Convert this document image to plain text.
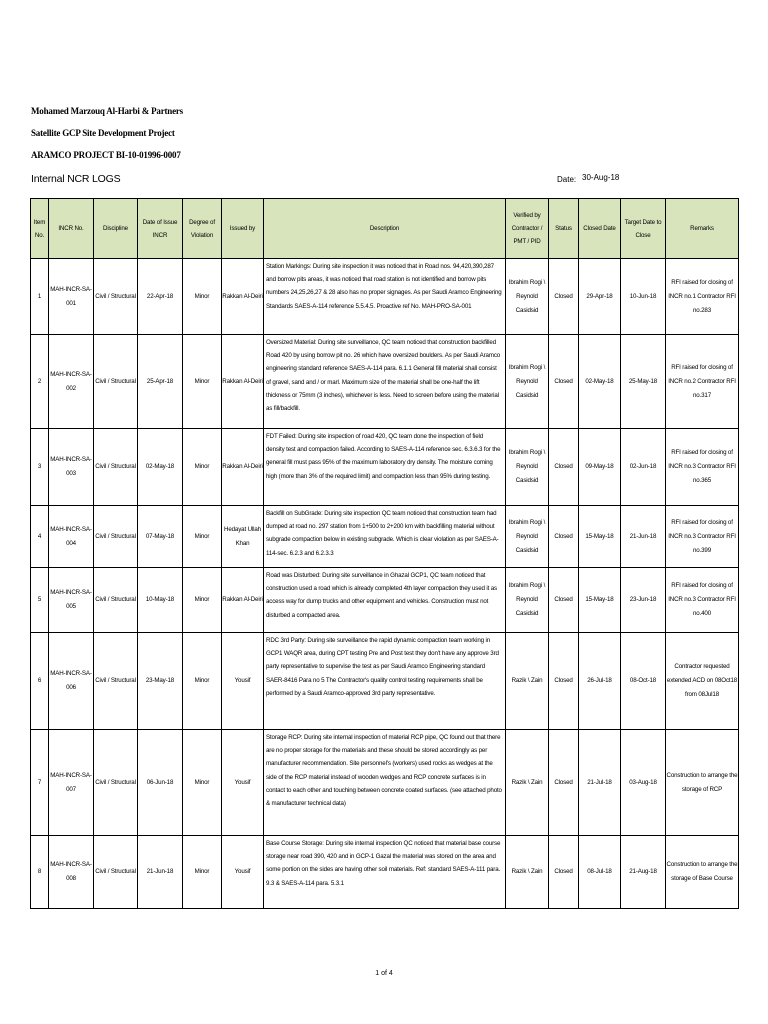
Mohamed Marzouq Al-Harbi & Partners
Satellite GCP Site Development Project
ARAMCO PROJECT BI-10-01996-0007
Internal NCR LOGS	Date: 30-Aug-18
Item No.	INCR No.	Discipline	Date of Issue INCR	Degree of Violation	Issued by	Description	Verified by Contractor / PMT / PID	Status	Closed Date	Target Date to Close	Remarks
1	MAH-INCR-SA-001	Civil / Structural	22-Apr-18	Minor	Rakkan Al-Deiri	Station Markings: During site inspection it was noticed that in Road nos. 94,420,390,287 and borrow pits areas, it was noticed that road station is not identified and borrow pits numbers 24,25,26,27 & 28 also has no proper signages. As per Saudi Aramco Engineering Standards SAES-A-114 reference 5.5.4.5. Proactive ref No. MAH-PRO-SA-001	Ibrahim Rogi \ Reynold Casidsid	Closed	29-Apr-18	10-Jun-18	RFI raised for closing of INCR no.1 Contractor RFI no.283
2	MAH-INCR-SA-002	Civil / Structural	25-Apr-18	Minor	Rakkan Al-Deiri	Oversized Material: During site surveillance, QC team noticed that construction backfilled Road 420 by using borrow pit no. 26 which have oversized boulders. As per Saudi Aramco engineering standard reference SAES-A-114 para. 6.1.1 General fill material shall consist of gravel, sand and / or marl. Maximum size of the material shall be one-half the lift thickness or 75mm (3 inches), whichever is less. Need to screen before using the material as fill/backfill.	Ibrahim Rogi \ Reynold Casidsid	Closed	02-May-18	25-May-18	RFI raised for closing of INCR no.2 Contractor RFI no.317
3	MAH-INCR-SA-003	Civil / Structural	02-May-18	Minor	Rakkan Al-Deiri	FDT Failed: During site inspection of road 420, QC team done the inspection of field density test and compaction failed. According to SAES-A-114 reference sec. 6.3.6.3 for the general fill must pass 95% of the maximum laboratory dry density. The moisture coming high (more than 3% of the required limit) and compaction less than 95% during testing.	Ibrahim Rogi \ Reynold Casidsid	Closed	09-May-18	02-Jun-18	RFI raised for closing of INCR no.3 Contractor RFI no.365
4	MAH-INCR-SA-004	Civil / Structural	07-May-18	Minor	Hedayat Ullah Khan	Backfill on SubGrade: During site inspection QC team noticed that construction team had dumped at road no. 297 station from 1+500 to 2+200 km with backfilling material without subgrade compaction below in existing subgrade. Which is clear violation as per SAES-A-114-sec. 6.2.3 and 6.2.3.3	Ibrahim Rogi \ Reynold Casidsid	Closed	15-May-18	21-Jun-18	RFI raised for closing of INCR no.3 Contractor RFI no.399
5	MAH-INCR-SA-005	Civil / Structural	10-May-18	Minor	Rakkan Al-Deiri	Road was Disturbed: During site surveillance in Ghazal GCP1, QC team noticed that construction used a road which is already completed 4th layer compaction they used it as access way for dump trucks and other equipment and vehicles. Construction must not disturbed a compacted area.	Ibrahim Rogi \ Reynold Casidsid	Closed	15-May-18	23-Jun-18	RFI raised for closing of INCR no.3 Contractor RFI no.400
6	MAH-INCR-SA-006	Civil / Structural	23-May-18	Minor	Yousif	RDC 3rd Party: During site surveillance the rapid dynamic compaction team working in GCP1 WAQR area, during CPT testing Pre and Post test they don't have any approve 3rd party representative to supervise the test as per Saudi Aramco Engineering standard SAER-8416 Para no 5 The Contractor's quality control testing requirements shall be performed by a Saudi Aramco-approved 3rd party representative.	Razik \ Zain	Closed	26-Jul-18	08-Oct-18	Contractor requested extended ACD on 08Oct18 from 08Jul18
7	MAH-INCR-SA-007	Civil / Structural	06-Jun-18	Minor	Yousif	Storage RCP: During site internal inspection of material RCP pipe, QC found out that there are no proper storage for the materials and these should be stored accordingly as per manufacturer recommendation. Site personnel's (workers) used rocks as wedges at the side of the RCP material instead of wooden wedges and RCP concrete surfaces is in contact to each other and touching between concrete coated surfaces. (see attached photo & manufacturer technical data)	Razik \ Zain	Closed	21-Jul-18	03-Aug-18	Construction to arrange the storage of RCP
8	MAH-INCR-SA-008	Civil / Structural	21-Jun-18	Minor	Yousif	Base Course Storage: During site internal inspection QC noticed that material base course storage near road 390, 420 and in GCP-1 Gazal the material was stored on the area and some portion on the sides are having other soil materials. Ref: standard SAES-A-111 para. 9.3 & SAES-A-114 para. 5.3.1	Razik \ Zain	Closed	08-Jul-18	21-Aug-18	Construction to arrange the storage of Base Course
1 of 4
